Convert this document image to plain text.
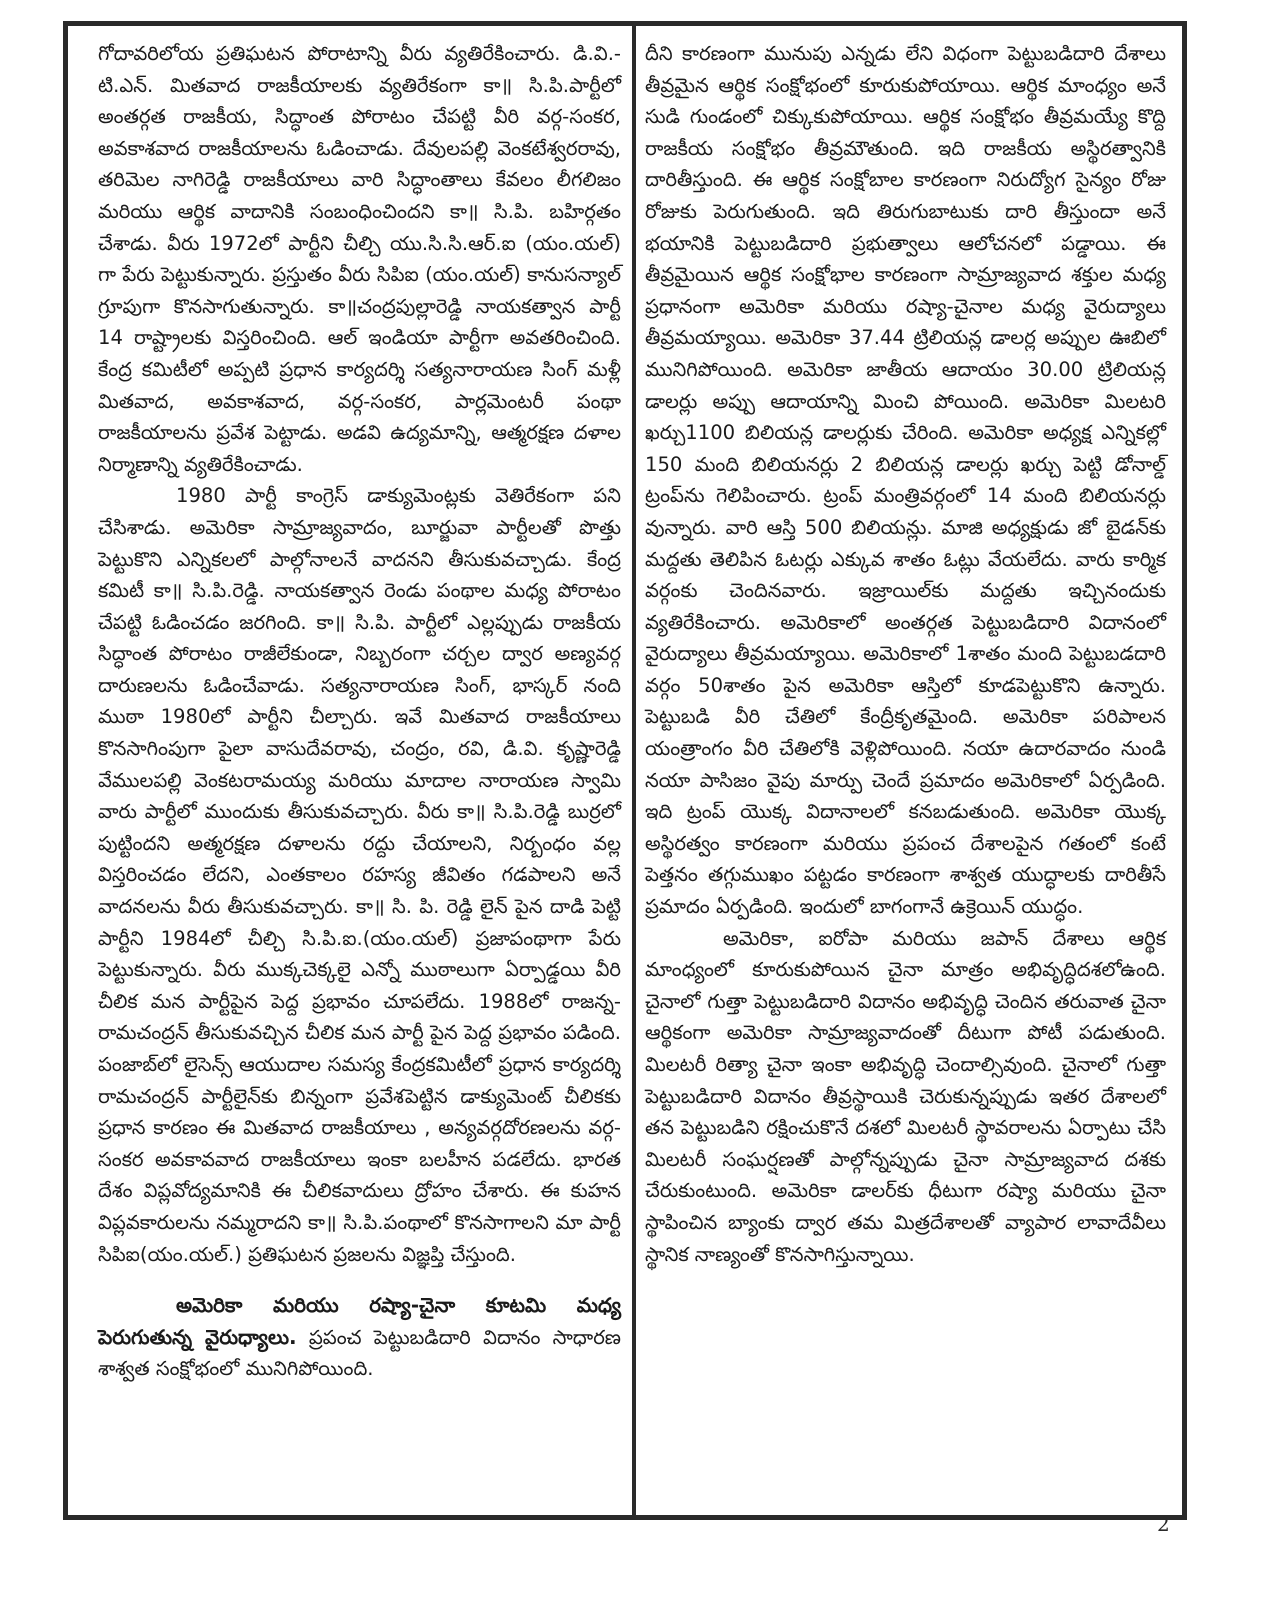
గోదావరిలోయ ప్రతిఘటన పోరాటాన్ని వీరు వ్యతిరేకించారు. డి.వి.-టి.ఎన్. మితవాద రాజకీయాలకు వ్యతిరేకంగా కా॥ సి.పి.పార్టీలో అంతర్గత రాజకీయ, సిద్ధాంత పోరాటం చేపట్టి వీరి వర్గ-సంకర, అవకాశవాద రాజకీయాలను ఓడించాడు. దేవులపల్లి వెంకటేశ్వరరావు, తరిమెల నాగిరెడ్డి రాజకీయాలు వారి సిద్ధాంతాలు కేవలం లీగలిజం మరియు ఆర్థిక వాదానికి సంబంధించిందని కా॥ సి.పి. బహిర్గతం చేశాడు. వీరు 1972లో పార్టీని చీల్చి యు.సి.సి.ఆర్.ఐ (యం.యల్) గా పేరు పెట్టుకున్నారు. ప్రస్తుతం వీరు సిపిఐ (యం.యల్) కానుసన్యాల్ గ్రూపుగా కొనసాగుతున్నారు. కా॥చంద్రపుల్లారెడ్డి నాయకత్వాన పార్టీ 14 రాష్ట్రాలకు విస్తరించింది. ఆల్ ఇండియా పార్టీగా అవతరించింది. కేంద్ర కమిటీలో అప్పటి ప్రధాన కార్యదర్శి సత్యనారాయణ సింగ్ మళ్లీ మితవాద, అవకాశవాద, వర్గ-సంకర, పార్లమెంటరీ పంథా రాజకీయాలను ప్రవేశ పెట్టాడు. అడవి ఉద్యమాన్ని, ఆత్మరక్షణ దళాల నిర్మాణాన్ని వ్యతిరేకించాడు.

1980 పార్టీ కాంగ్రెస్ డాక్యుమెంట్లకు వెతిరేకంగా పని చేసిశాడు. అమెరికా సామ్రాజ్యవాదం, బూర్జువా పార్టీలతో పొత్తు పెట్టుకొని ఎన్నికలలో పాల్గోనాలనే వాదనని తీసుకువచ్చాడు. కేంద్ర కమిటీ కా॥ సి.పి.రెడ్డి. నాయకత్వాన రెండు పంథాల మధ్య పోరాటం చేపట్టి ఓడించడం జరగింది. కా॥ సి.పి. పార్టీలో ఎల్లప్పుడు రాజకీయ సిద్ధాంత పోరాటం రాజీలేకుండా, నిబ్బరంగా చర్చల ద్వార అణ్యవర్గ దారుణలను ఓడించేవాడు. సత్యనారాయణ సింగ్, భాస్కర్ నంది ముఠా 1980లో పార్టీని చీల్చారు. ఇవే మితవాద రాజకీయాలు కొనసాగింపుగా పైలా వాసుదేవరావు, చంద్రం, రవి, డి.వి. కృష్ణారెడ్డి వేములపల్లి వెంకటరామయ్య మరియు మాదాల నారాయణ స్వామి వారు పార్టీలో ముందుకు తీసుకువచ్చారు. వీరు కా॥ సి.పి.రెడ్డి బుర్రలో పుట్టిందని అత్మరక్షణ దళాలను రద్దు చేయాలని, నిర్బంధం వల్ల విస్తరించడం లేదని, ఎంతకాలం రహస్య జీవితం గడపాలని అనే వాదనలను వీరు తీసుకువచ్చారు. కా॥ సి. పి. రెడ్డి లైన్ పైన దాడి పెట్టి పార్టీని 1984లో చీల్చి సి.పి.ఐ.(యం.యల్) ప్రజాపంథాగా పేరు పెట్టుకున్నారు. వీరు ముక్కచెక్కలై ఎన్నో ముఠాలుగా ఏర్పాడ్డయి వీరి చీలిక మన పార్టీపైన పెద్ద ప్రభావం చూపలేదు. 1988లో రాజన్న-రామచంద్రన్ తీసుకువచ్చిన చీలిక మన పార్టీ పైన పెద్ద ప్రభావం పడింది. పంజాబ్‌లో లైసెన్స్ ఆయుదాల సమస్య కేంద్రకమిటీలో ప్రధాన కార్యదర్శి రామచంద్రన్ పార్టీలైన్‌కు బిన్నంగా ప్రవేశపెట్టిన డాక్యుమెంట్ చీలికకు ప్రధాన కారణం ఈ మితవాద రాజకీయాలు , అన్యవర్గదోరణలను వర్గ-సంకర అవకావవాద రాజకీయాలు ఇంకా బలహీన పడలేదు. భారత దేశం విప్లవోద్యమానికి ఈ చీలికవాదులు ద్రోహం చేశారు. ఈ కుహన విప్లవకారులను నమ్మరాదని కా॥ సి.పి.పంథాలో కొనసాగాలని మా పార్టీ సిపిఐ(యం.యల్.) ప్రతిఘటన ప్రజలను విజ్ఞప్తి చేస్తుంది.

అమెరికా మరియు రష్యా-చైనా కూటమి మధ్య పెరుగుతున్న వైరుధ్యాలు. ప్రపంచ పెట్టుబడిదారి విదానం సాధారణ శాశ్వత సంక్షోభంలో మునిగిపోయింది.

దీని కారణంగా మునుపు ఎన్నడు లేని విధంగా పెట్టుబడిదారి దేశాలు తీవ్రమైన ఆర్థిక సంక్షోభంలో కూరుకుపోయాయి. ఆర్థిక మాంధ్యం అనే సుడి గుండంలో చిక్కుకుపోయాయి. ఆర్థిక సంక్షోభం తీవ్రమయ్యే కొద్ది రాజకీయ సంక్షోభం తీవ్రమౌతుంది. ఇది రాజకీయ అస్థిరత్వానికి దారితీస్తుంది. ఈ ఆర్థిక సంక్షోబాల కారణంగా నిరుద్యోగ సైన్యం రోజు రోజుకు పెరుగుతుంది. ఇది తిరుగుబాటుకు దారి తీస్తుందా అనే భయానికి పెట్టుబడిదారి ప్రభుత్వాలు ఆలోచనలో పడ్డాయి. ఈ తీవ్రమైయిన ఆర్థిక సంక్షోభాల కారణంగా సామ్రాజ్యవాద శక్తుల మధ్య ప్రధానంగా అమెరికా మరియు రష్యా-చైనాల మధ్య వైరుద్యాలు తీవ్రమయ్యాయి. అమెరికా 37.44 ట్రిలియన్ల డాలర్ల అప్పుల ఊబిలో మునిగిపోయింది. అమెరికా జాతీయ ఆదాయం 30.00 ట్రిలియన్ల డాలర్లు అప్పు ఆదాయాన్ని మించి పోయింది. అమెరికా మిలటరి ఖర్చు1100 బిలియన్ల డాలర్లుకు చేరింది. అమెరికా అధ్యక్ష ఎన్నికల్లో 150 మంది బిలియనర్లు 2 బిలియన్ల డాలర్లు ఖర్చు పెట్టి డోనాల్డ్ ట్రంప్‌ను గెలిపించారు. ట్రంప్ మంత్రివర్గంలో 14 మంది బిలియనర్లు వున్నారు. వారి ఆస్తి 500 బిలియన్లు. మాజి అధ్యక్షుడు జో బైడన్‌కు మద్దతు తెలిపిన ఓటర్లు ఎక్కువ శాతం ఓట్లు వేయలేదు. వారు కార్మిక వర్గంకు చెందినవారు. ఇజ్రాయిల్‌కు మద్దతు ఇచ్చినందుకు వ్యతిరేకించారు. అమెరికాలో అంతర్గత పెట్టుబడిదారి విదానంలో వైరుద్యాలు తీవ్రమయ్యాయి. అమెరికాలో 1శాతం మంది పెట్టుబడదారి వర్గం 50శాతం పైన అమెరికా ఆస్తిలో కూడపెట్టుకొని ఉన్నారు. పెట్టుబడి వీరి చేతిలో కేంద్రీకృతమైంది. అమెరికా పరిపాలన యంత్రాంగం వీరి చేతిలోకి వెళ్లిపోయింది. నయా ఉదారవాదం నుండి నయా పాసిజం వైపు మార్పు చెందే ప్రమాదం అమెరికాలో ఏర్పడింది. ఇది ట్రంప్ యొక్క విదానాలలో కనబడుతుంది. అమెరికా యొక్క అస్థిరత్వం కారణంగా మరియు ప్రపంచ దేశాలపైన గతంలో కంటే పెత్తనం తగ్గుముఖం పట్టడం కారణంగా శాశ్వత యుద్ధాలకు దారితీసే ప్రమాదం ఏర్పడింది. ఇందులో బాగంగానే ఉక్రెయిన్ యుద్ధం.

అమెరికా, ఐరోపా మరియు జపాన్ దేశాలు ఆర్థిక మాంధ్యంలో కూరుకుపోయిన చైనా మాత్రం అభివృద్ధిదశలోఉంది. చైనాలో గుత్తా పెట్టుబడిదారి విదానం అభివృద్ధి చెందిన తరువాత చైనా ఆర్థికంగా అమెరికా సామ్రాజ్యవాదంతో దీటుగా పోటీ పడుతుంది. మిలటరీ రిత్యా చైనా ఇంకా అభివృద్ధి చెందాల్సివుంది. చైనాలో గుత్తా పెట్టుబడిదారి విదానం తీవ్రస్థాయికి చెరుకున్నప్పుడు ఇతర దేశాలలో తన పెట్టుబడిని రక్షించుకొనే దశలో మిలటరీ స్థావరాలను ఏర్పాటు చేసి మిలటరీ సంఘర్షణతో పాల్గోన్నప్పుడు చైనా సామ్రాజ్యవాద దశకు చేరుకుంటుంది. అమెరికా డాలర్‌కు ధీటుగా రష్యా మరియు చైనా స్థాపించిన బ్యాంకు ద్వార తమ మిత్రదేశాలతో వ్యాపార లావాదేవీలు స్థానిక నాణ్యంతో కొనసాగిస్తున్నాయి.

2
